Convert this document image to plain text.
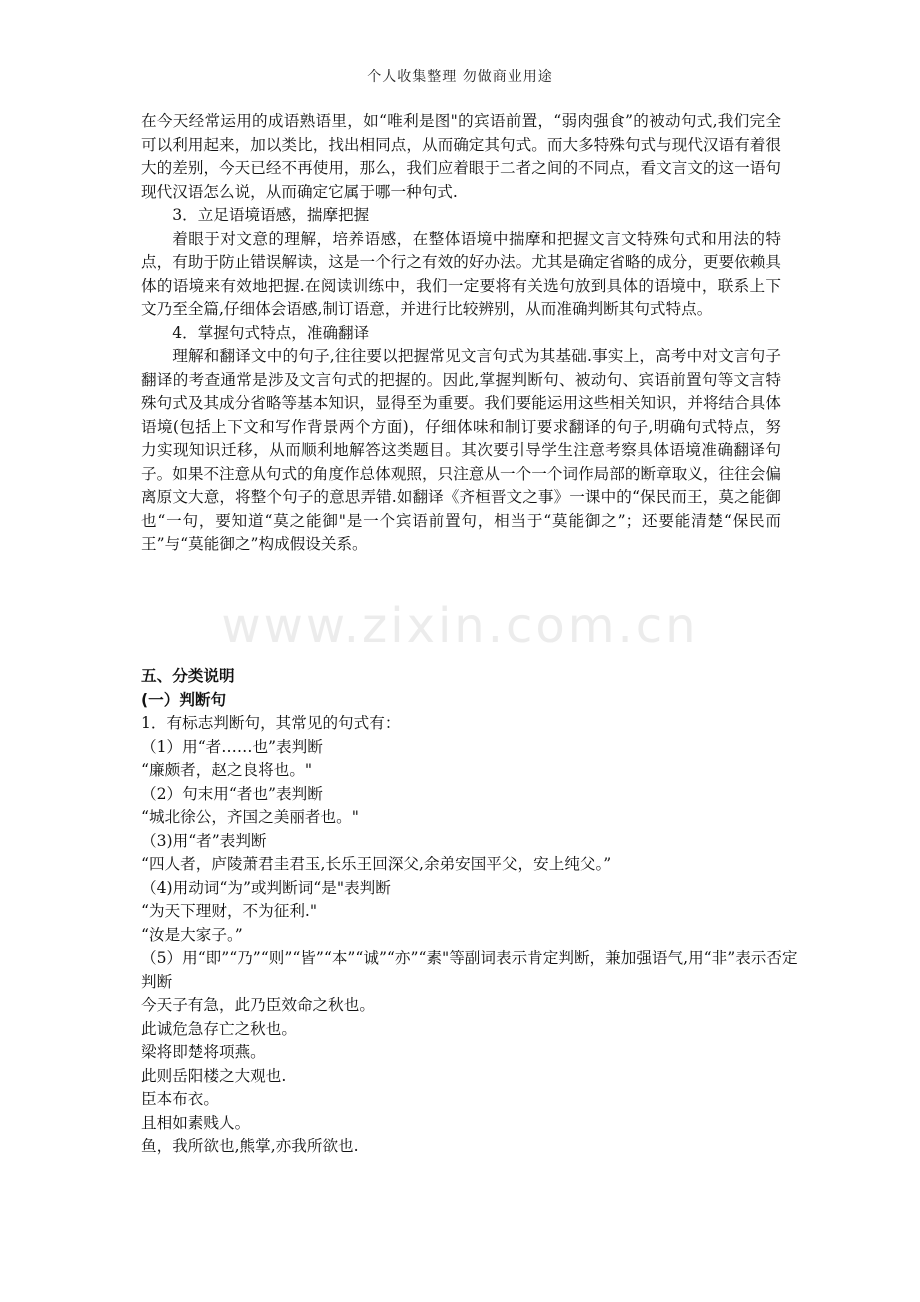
个人收集整理 勿做商业用途

在今天经常运用的成语熟语里，如“唯利是图"的宾语前置，“弱肉强食”的被动句式,我们完全可以利用起来，加以类比，找出相同点，从而确定其句式。而大多特殊句式与现代汉语有着很大的差别，今天已经不再使用，那么，我们应着眼于二者之间的不同点，看文言文的这一语句现代汉语怎么说，从而确定它属于哪一种句式.

3．立足语境语感，揣摩把握

着眼于对文意的理解，培养语感，在整体语境中揣摩和把握文言文特殊句式和用法的特点，有助于防止错误解读，这是一个行之有效的好办法。尤其是确定省略的成分，更要依赖具体的语境来有效地把握.在阅读训练中，我们一定要将有关选句放到具体的语境中，联系上下文乃至全篇,仔细体会语感,制订语意，并进行比较辨别，从而准确判断其句式特点。

4．掌握句式特点，准确翻译

理解和翻译文中的句子,往往要以把握常见文言句式为其基础.事实上，高考中对文言句子翻译的考查通常是涉及文言句式的把握的。因此,掌握判断句、被动句、宾语前置句等文言特殊句式及其成分省略等基本知识，显得至为重要。我们要能运用这些相关知识，并将结合具体语境(包括上下文和写作背景两个方面)，仔细体味和制订要求翻译的句子,明确句式特点，努力实现知识迁移，从而顺利地解答这类题目。其次要引导学生注意考察具体语境准确翻译句子。如果不注意从句式的角度作总体观照，只注意从一个一个词作局部的断章取义，往往会偏离原文大意，将整个句子的意思弄错.如翻译《齐桓晋文之事》一课中的“保民而王，莫之能御也“一句，要知道“莫之能御"是一个宾语前置句，相当于“莫能御之”；还要能清楚“保民而王”与“莫能御之”构成假设关系。

www.zixin.com.cn

五、分类说明

(一）判断句

1．有标志判断句，其常见的句式有：

（1）用“者……也”表判断

“廉颇者，赵之良将也。"

（2）句末用“者也”表判断

“城北徐公，齐国之美丽者也。"

（3)用“者”表判断

“四人者，庐陵萧君圭君玉,长乐王回深父,余弟安国平父，安上纯父。”

（4)用动词“为”或判断词“是"表判断

“为天下理财，不为征利."

“汝是大家子。”

（5）用“即”“乃”“则”“皆”“本”“诚”“亦”“素"等副词表示肯定判断，兼加强语气,用“非”表示否定判断

今天子有急，此乃臣效命之秋也。

此诚危急存亡之秋也。

梁将即楚将项燕。

此则岳阳楼之大观也.

臣本布衣。

且相如素贱人。

鱼，我所欲也,熊掌,亦我所欲也.
